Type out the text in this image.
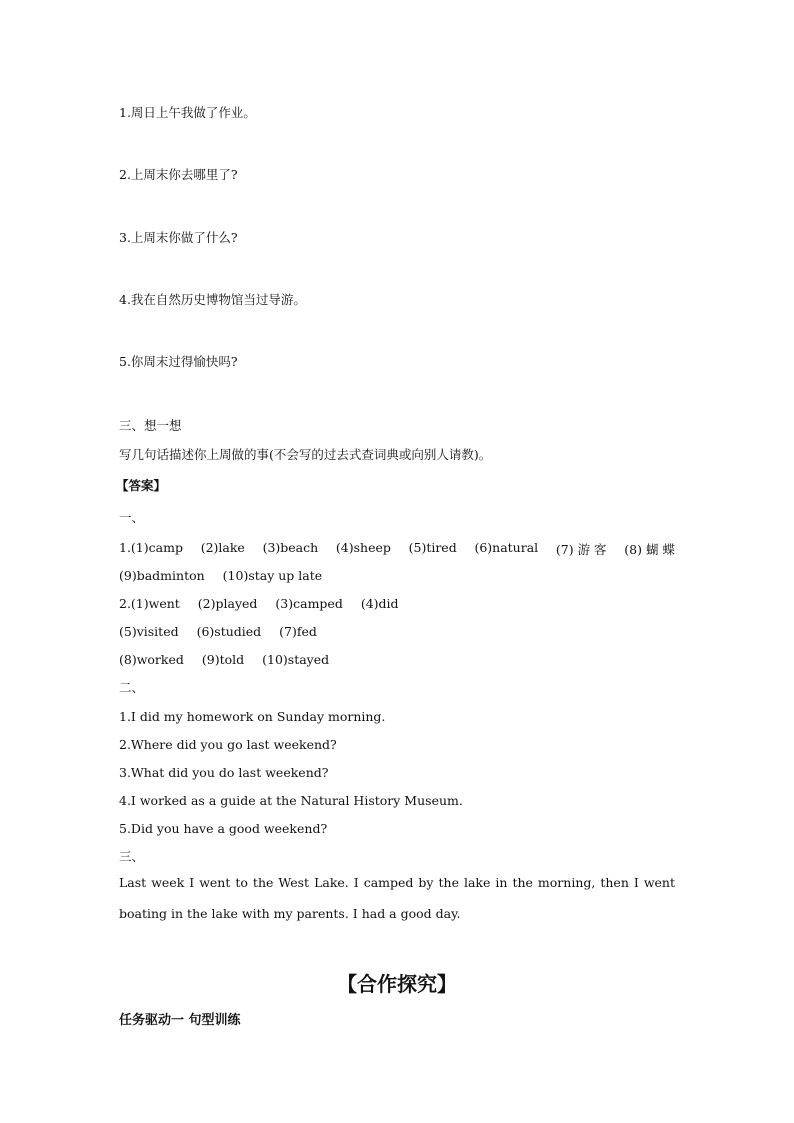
1.周日上午我做了作业。
2.上周末你去哪里了?
3.上周末你做了什么?
4.我在自然历史博物馆当过导游。
5.你周末过得愉快吗?
三、想一想
写几句话描述你上周做的事(不会写的过去式查词典或向别人请教)。
【答案】
一、
1.(1)camp (2)lake (3)beach (4)sheep (5)tired (6)natural (7) 游 客 (8) 蝴 蝶
(9)badminton (10)stay up late
2.(1)went (2)played (3)camped (4)did
(5)visited (6)studied (7)fed
(8)worked (9)told (10)stayed
二、
1.I did my homework on Sunday morning.
2.Where did you go last weekend?
3.What did you do last weekend?
4.I worked as a guide at the Natural History Museum.
5.Did you have a good weekend?
三、
Last week I went to the West Lake. I camped by the lake in the morning, then I went boating in the lake with my parents. I had a good day.
【合作探究】
任务驱动一 句型训练
